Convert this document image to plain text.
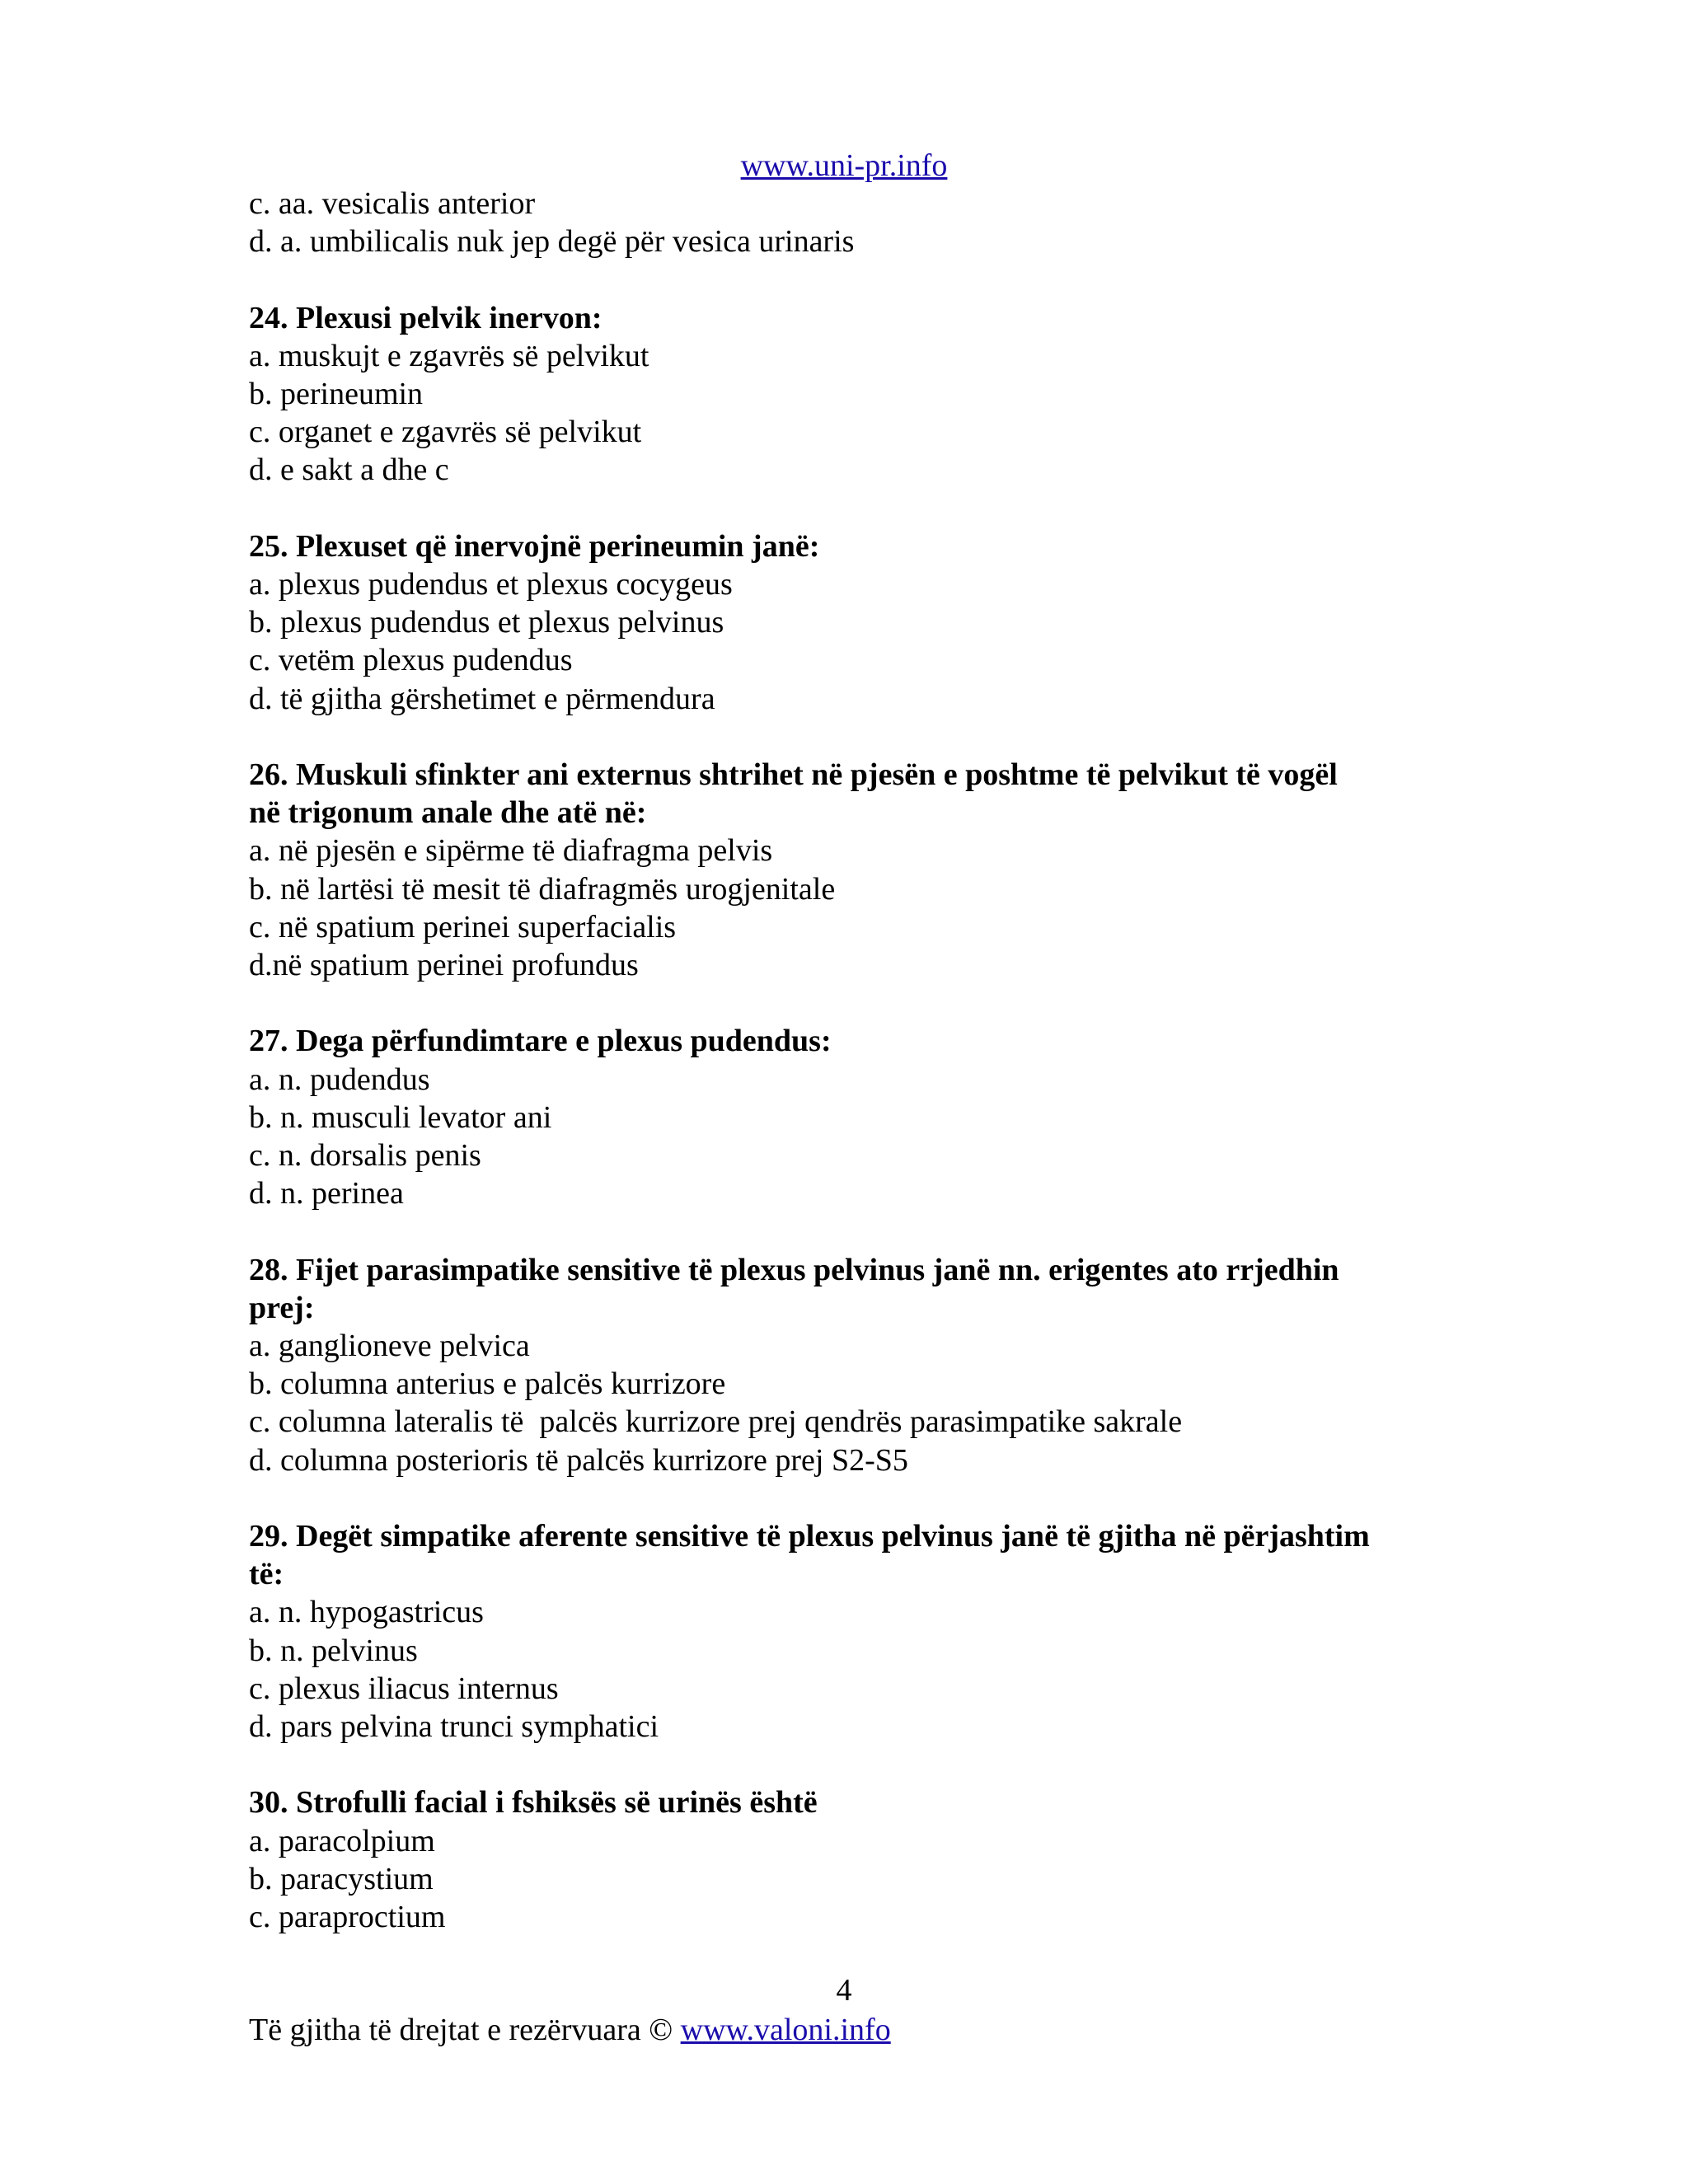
www.uni-pr.info
c. aa. vesicalis anterior
d. a. umbilicalis nuk jep degë për vesica urinaris
24. Plexusi pelvik inervon:
a. muskujt e zgavrës së pelvikut
b. perineumin
c. organet e zgavrës së pelvikut
d. e sakt a dhe c
25. Plexuset që inervojnë perineumin janë:
a. plexus pudendus et plexus cocygeus
b. plexus pudendus et plexus pelvinus
c. vetëm plexus pudendus
d. të gjitha gërshetimet e përmendura
26. Muskuli sfinkter ani externus shtrihet në pjesën e poshtme të pelvikut të vogël
në trigonum anale dhe atë në:
a. në pjesën e sipërme të diafragma pelvis
b. në lartësi të mesit të diafragmës urogjenitale
c. në spatium perinei superfacialis
d.në spatium perinei profundus
27. Dega përfundimtare e plexus pudendus:
a. n. pudendus
b. n. musculi levator ani
c. n. dorsalis penis
d. n. perinea
28. Fijet parasimpatike sensitive të plexus pelvinus janë nn. erigentes ato rrjedhin
prej:
a. ganglioneve pelvica
b. columna anterius e palcës kurrizore
c. columna lateralis të  palcës kurrizore prej qendrës parasimpatike sakrale
d. columna posterioris të palcës kurrizore prej S2-S5
29. Degët simpatike aferente sensitive të plexus pelvinus janë të gjitha në përjashtim
të:
a. n. hypogastricus
b. n. pelvinus
c. plexus iliacus internus
d. pars pelvina trunci symphatici
30. Strofulli facial i fshiksës së urinës është
a. paracolpium
b. paracystium
c. paraproctium
4
Të gjitha të drejtat e rezërvuara © www.valoni.info
